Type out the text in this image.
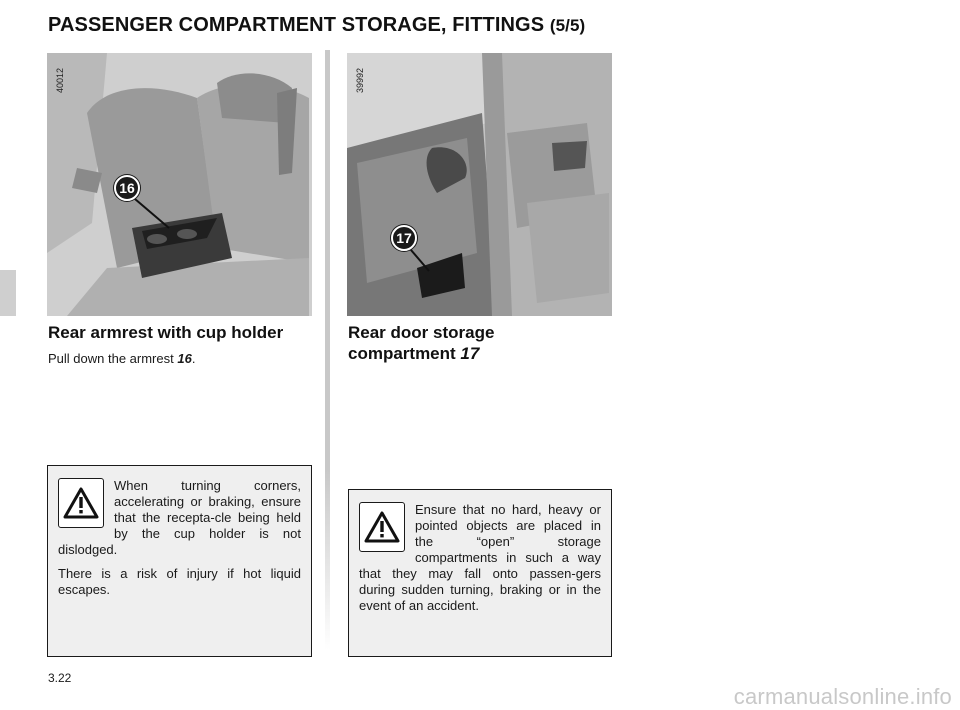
PASSENGER COMPARTMENT STORAGE, FITTINGS (5/5)
40012
16
39992
17
Rear armrest with cup holder

Pull down the armrest 16.

Rear door storage
compartment 17

When turning corners, accelerating or braking, ensure that the recepta-cle being held by the cup holder is not dislodged.

There is a risk of injury if hot liquid escapes.

Ensure that no hard, heavy or pointed objects are placed in the “open” storage compartments in such a way that they may fall onto passen-gers during sudden turning, braking or in the event of an accident.

3.22

carmanualsonline.info
